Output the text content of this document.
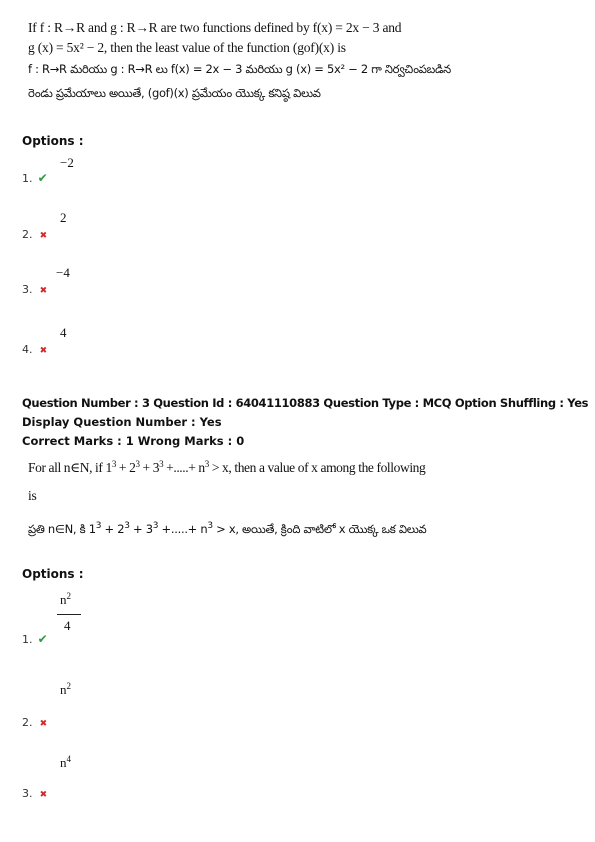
If f : R→R and g : R→R are two functions defined by f(x) = 2x − 3 and
g (x) = 5x² − 2, then the least value of the function (gof)(x) is
f : R→R మరియు g : R→R లు f(x) = 2x − 3 మరియు g (x) = 5x² − 2 గా నిర్వచింపబడిన
రెండు ప్రమేయాలు అయితే, (gof)(x) ప్రమేయం యొక్క కనిష్ఠ విలువ
Options :
−2
1. ✔
2
2. ✖
−4
3. ✖
4
4. ✖
Question Number : 3 Question Id : 64041110883 Question Type : MCQ Option Shuffling : Yes
Display Question Number : Yes
Correct Marks : 1 Wrong Marks : 0
For all n∈N, if $1^3 + 2^3 + 3^3$ +.....+ $n^3 > x$, then a value of x among the following
is
ప్రతి n∈N, కి $1^3 + 2^3 + 3^3$ +.....+ $n^3 > x$, అయితే, క్రింది వాటిలో x యొక్క ఒక విలువ
Options :
$n^2$
4
1. ✔
$n^2$
2. ✖
$n^4$
3. ✖
